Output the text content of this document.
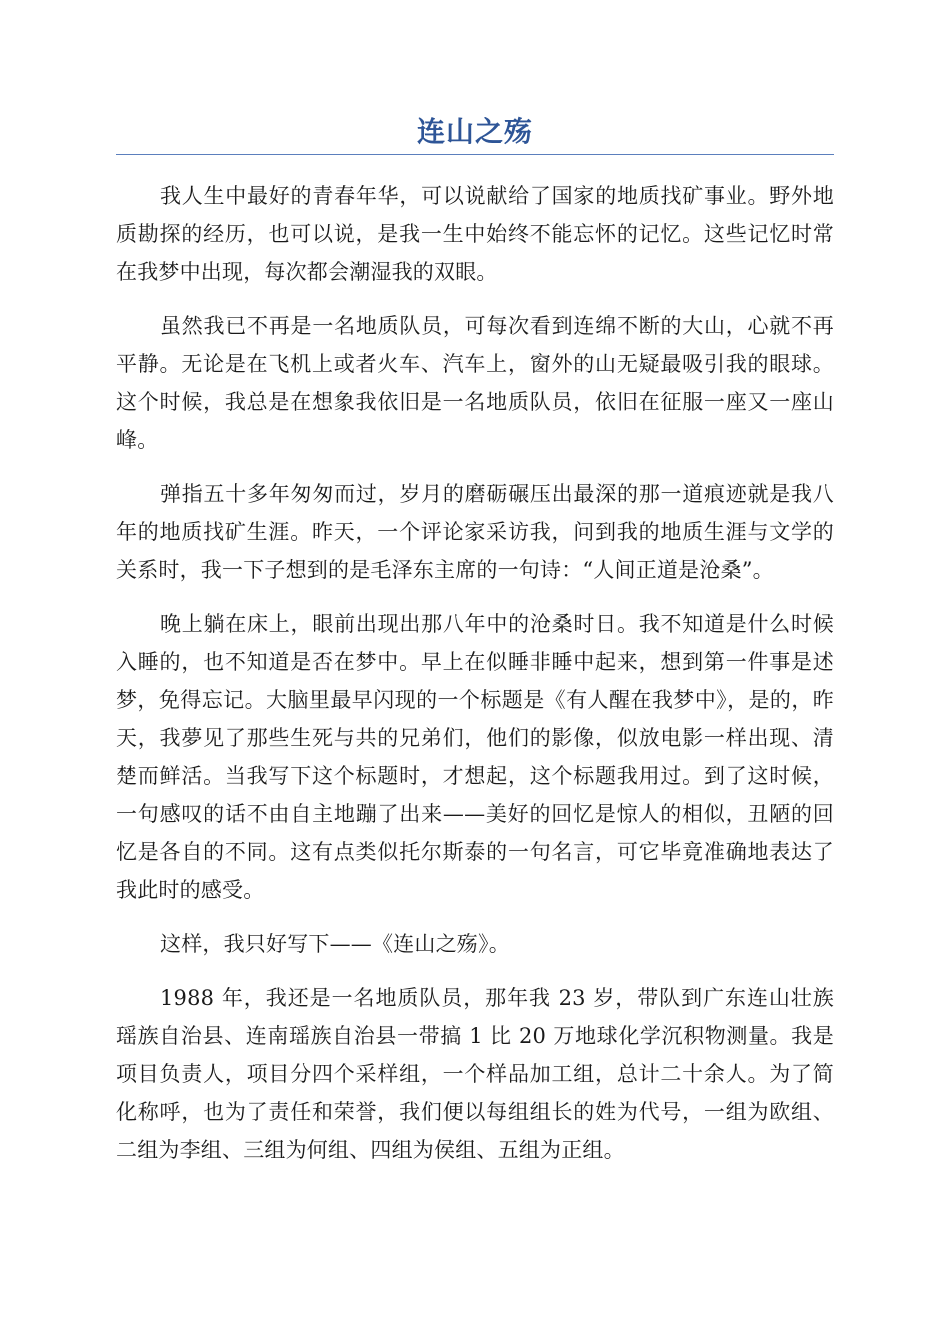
连山之殇

我人生中最好的青春年华，可以说献给了国家的地质找矿事业。野外地质勘探的经历，也可以说，是我一生中始终不能忘怀的记忆。这些记忆时常在我梦中出现，每次都会潮湿我的双眼。

虽然我已不再是一名地质队员，可每次看到连绵不断的大山，心就不再平静。无论是在飞机上或者火车、汽车上，窗外的山无疑最吸引我的眼球。这个时候，我总是在想象我依旧是一名地质队员，依旧在征服一座又一座山峰。

弹指五十多年匆匆而过，岁月的磨砺碾压出最深的那一道痕迹就是我八年的地质找矿生涯。昨天，一个评论家采访我，问到我的地质生涯与文学的关系时，我一下子想到的是毛泽东主席的一句诗：“人间正道是沧桑”。

晚上躺在床上，眼前出现出那八年中的沧桑时日。我不知道是什么时候入睡的，也不知道是否在梦中。早上在似睡非睡中起来，想到第一件事是述梦，免得忘记。大脑里最早闪现的一个标题是《有人醒在我梦中》，是的，昨天，我夢见了那些生死与共的兄弟们，他们的影像，似放电影一样出现、清楚而鲜活。当我写下这个标题时，才想起，这个标题我用过。到了这时候，一句感叹的话不由自主地蹦了出来——美好的回忆是惊人的相似，丑陋的回忆是各自的不同。这有点类似托尔斯泰的一句名言，可它毕竟准确地表达了我此时的感受。

这样，我只好写下——《连山之殇》。

1988 年，我还是一名地质队员，那年我 23 岁，带队到广东连山壮族瑶族自治县、连南瑶族自治县一带搞 1 比 20 万地球化学沉积物测量。我是项目负责人，项目分四个采样组，一个样品加工组，总计二十余人。为了简化称呼，也为了责任和荣誉，我们便以每组组长的姓为代号，一组为欧组、二组为李组、三组为何组、四组为侯组、五组为正组。
